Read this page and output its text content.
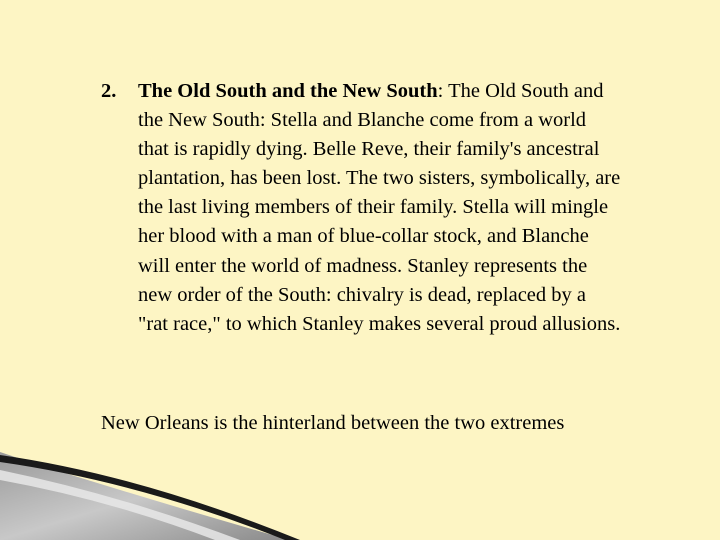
2.	The Old South and the New South: The Old South and the New South: Stella and Blanche come from a world that is rapidly dying. Belle Reve, their family's ancestral plantation, has been lost. The two sisters, symbolically, are the last living members of their family. Stella will mingle her blood with a man of blue-collar stock, and Blanche will enter the world of madness. Stanley represents the new order of the South: chivalry is dead, replaced by a "rat race," to which Stanley makes several proud allusions.
New Orleans is the hinterland between the two extremes
